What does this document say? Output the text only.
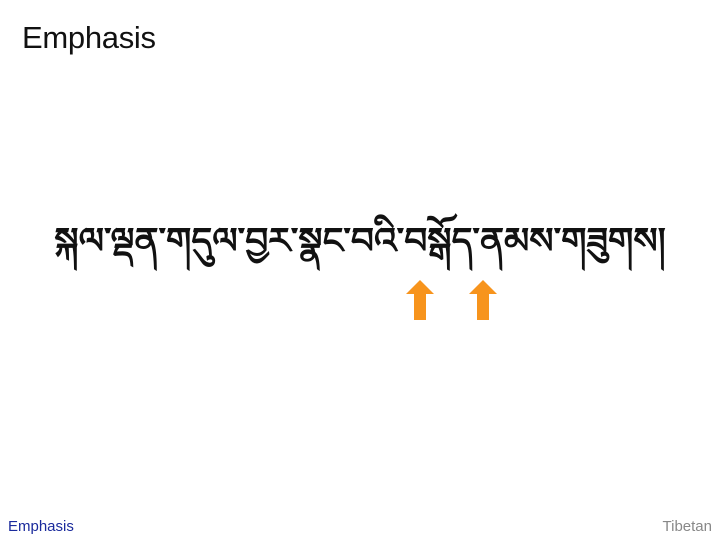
Emphasis
སྐལ་ལྡན་གདུལ་བྱར་སྣང་བའི་བསྒོད་ནམས་གཟུགས།
Emphasis	Tibetan
